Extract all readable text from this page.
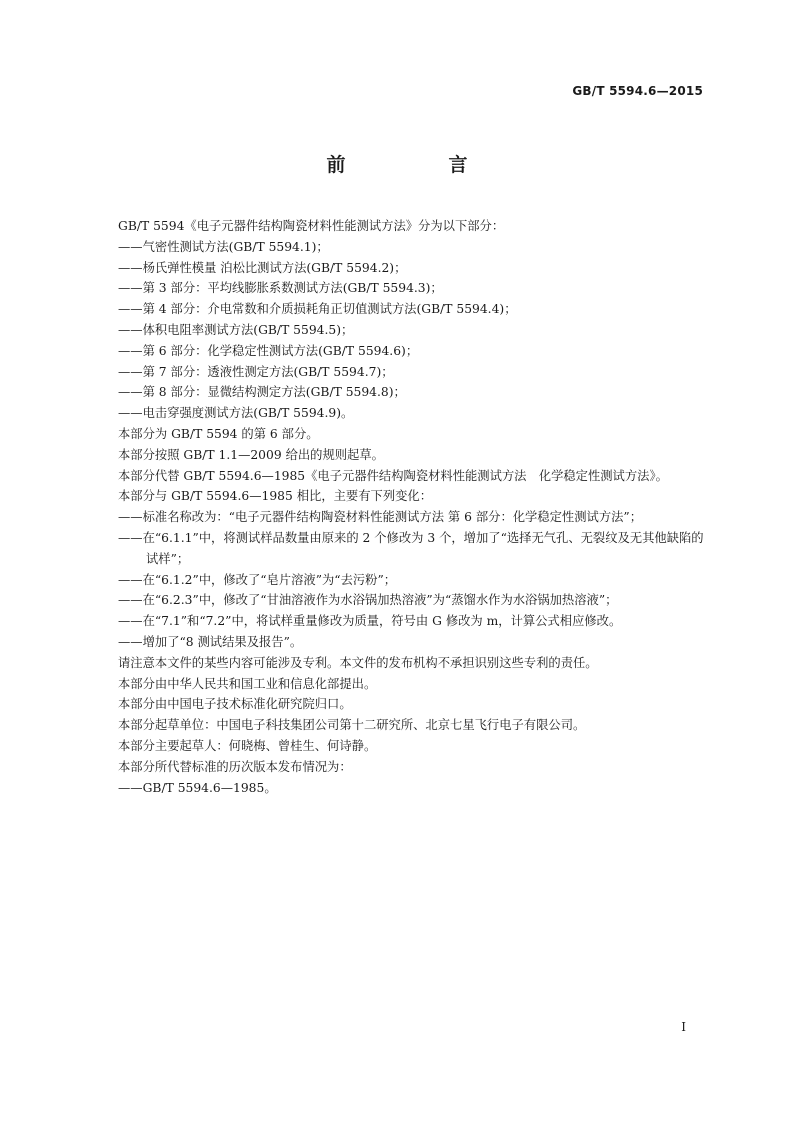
GB/T 5594.6—2015
前　言

GB/T 5594《电子元器件结构陶瓷材料性能测试方法》分为以下部分：

——气密性测试方法(GB/T 5594.1)；

——杨氏弹性模量 泊松比测试方法(GB/T 5594.2)；

——第 3 部分：平均线膨胀系数测试方法(GB/T 5594.3)；

——第 4 部分：介电常数和介质损耗角正切值测试方法(GB/T 5594.4)；

——体积电阻率测试方法(GB/T 5594.5)；

——第 6 部分：化学稳定性测试方法(GB/T 5594.6)；

——第 7 部分：透液性测定方法(GB/T 5594.7)；

——第 8 部分：显微结构测定方法(GB/T 5594.8)；

——电击穿强度测试方法(GB/T 5594.9)。

本部分为 GB/T 5594 的第 6 部分。

本部分按照 GB/T 1.1—2009 给出的规则起草。

本部分代替 GB/T 5594.6—1985《电子元器件结构陶瓷材料性能测试方法　化学稳定性测试方法》。

本部分与 GB/T 5594.6—1985 相比，主要有下列变化：

——标准名称改为：“电子元器件结构陶瓷材料性能测试方法 第 6 部分：化学稳定性测试方法”；

——在“6.1.1”中，将测试样品数量由原来的 2 个修改为 3 个，增加了“选择无气孔、无裂纹及无其他缺陷的试样”；

——在“6.1.2”中，修改了“皂片溶液”为“去污粉”；

——在“6.2.3”中，修改了“甘油溶液作为水浴锅加热溶液”为“蒸馏水作为水浴锅加热溶液”；

——在“7.1”和“7.2”中，将试样重量修改为质量，符号由 G 修改为 m，计算公式相应修改。

——增加了“8 测试结果及报告”。

请注意本文件的某些内容可能涉及专利。本文件的发布机构不承担识别这些专利的责任。

本部分由中华人民共和国工业和信息化部提出。

本部分由中国电子技术标准化研究院归口。

本部分起草单位：中国电子科技集团公司第十二研究所、北京七星飞行电子有限公司。

本部分主要起草人：何晓梅、曾桂生、何诗静。

本部分所代替标准的历次版本发布情况为：

——GB/T 5594.6—1985。

I
